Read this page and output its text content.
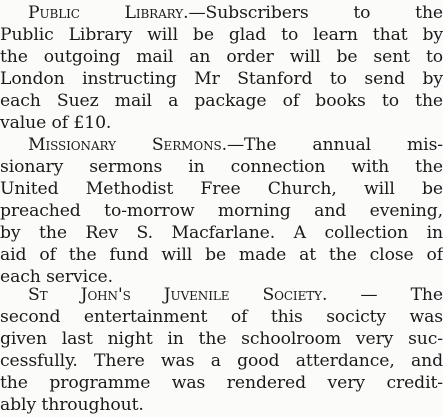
Public Library.—Subscribers to the
Public Library will be glad to learn that by
the outgoing mail an order will be sent to
London instructing Mr Stanford to send by
each Suez mail a package of books to the
value of £10.
Missionary Sermons.—The annual mis-
sionary sermons in connection with the
United Methodist Free Church, will be
preached to-morrow morning and evening,
by the Rev S. Macfarlane. A collection in
aid of the fund will be made at the close of
each service.
St John's Juvenile Society. — The
second entertainment of this socicty was
given last night in the schoolroom very suc-
cessfully. There was a good atterdance, and
the programme was rendered very credit-
ably throughout.
